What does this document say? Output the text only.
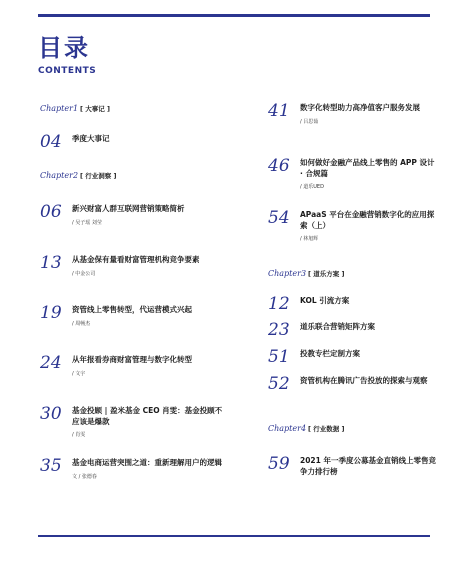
目录
CONTENTS
Chapter1 [ 大事记 ]
04	季度大事记
Chapter2 [ 行业洞察 ]
06	新兴财富人群互联网营销策略简析
/ 吴子瑶 刘莹
13	从基金保有量看财富管理机构竞争要素
/ 中金公司
19	资管线上零售转型，代运营模式兴起
/ 周畅杰
24	从年报看券商财富管理与数字化转型
/ 文宇
30	基金投顾 | 盈米基金 CEO 肖雯：基金投顾不应该是爆款
/ 肖雯
35	基金电商运营突围之道：重新理解用户的逻辑
文 / 张德春
41	数字化转型助力高净值客户服务发展
/ 吕思茹
46	如何做好金融产品线上零售的 APP 设计 · 合规篇
/ 道乐UED
54	APaaS 平台在金融营销数字化的应用探索（上）
/ 林旭辉
Chapter3 [ 道乐方案 ]
12	KOL 引流方案
23	道乐联合营销矩阵方案
51	投教专栏定制方案
52	资管机构在腾讯广告投放的探索与观察
Chapter4 [ 行业数据 ]
59	2021 年一季度公募基金直销线上零售竞争力排行榜
